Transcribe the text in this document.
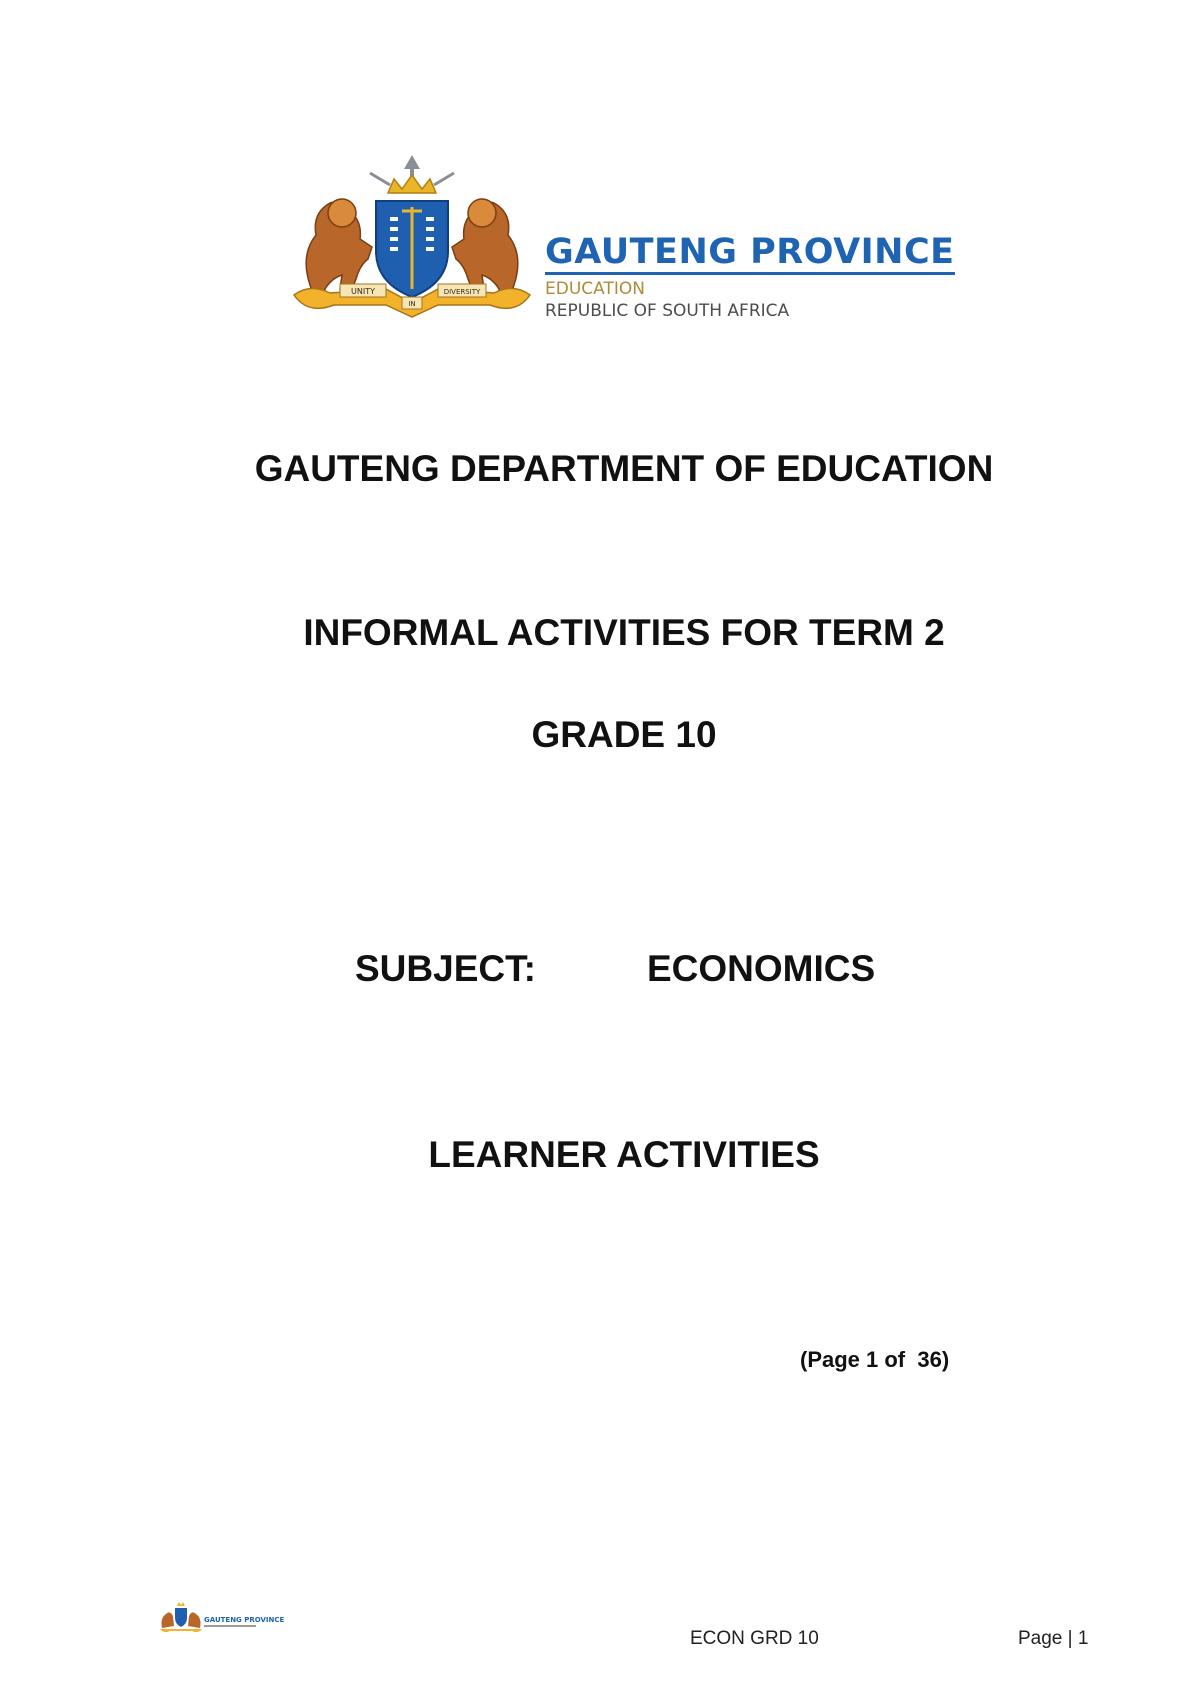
UNITY
IN
DIVERSITY
GAUTENG PROVINCE
EDUCATION
REPUBLIC OF SOUTH AFRICA
GAUTENG DEPARTMENT OF EDUCATION
INFORMAL ACTIVITIES FOR TERM 2
GRADE 10
SUBJECT:	ECONOMICS
LEARNER ACTIVITIES
(Page 1 of  36)
GAUTENG PROVINCE
ECON GRD 10	Page | 1
